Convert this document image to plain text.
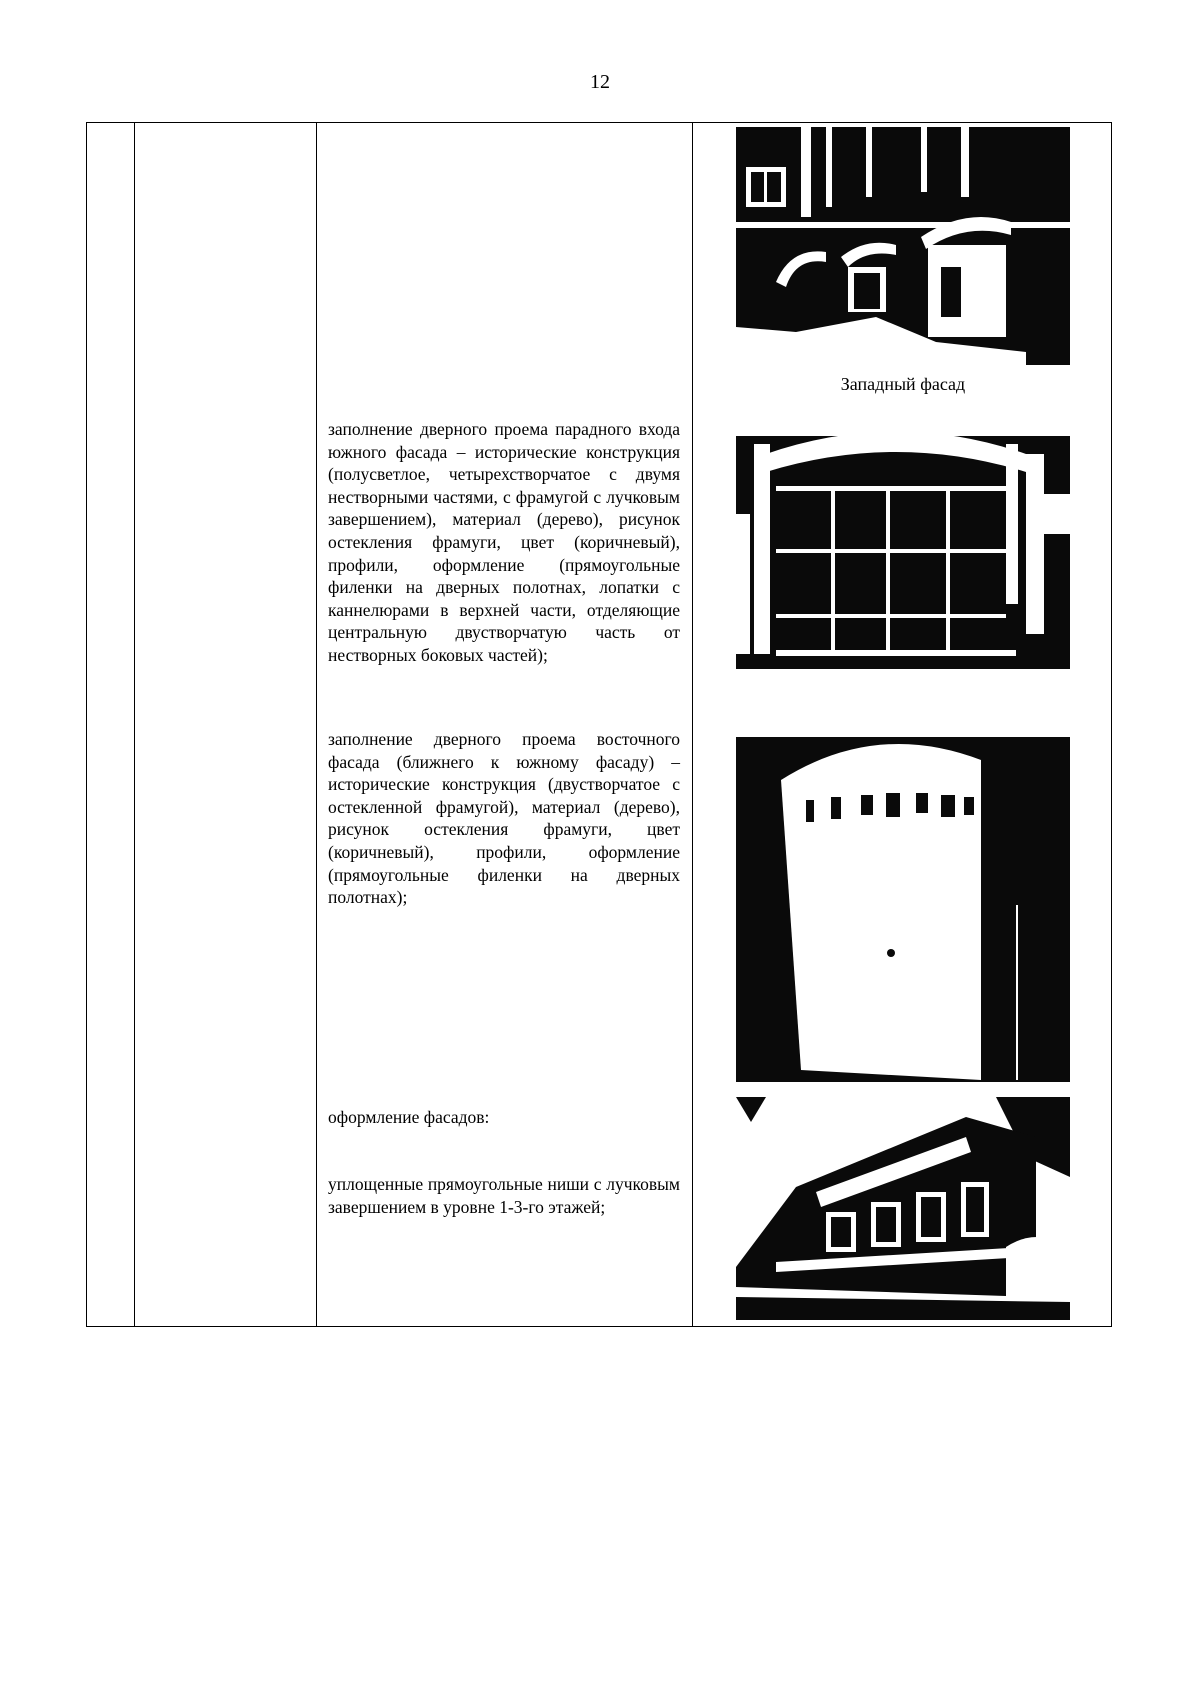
12
Западный фасад
заполнение дверного проема парадного входа южного фасада – исторические конструкция (полусветлое, четырехстворчатое с двумя нестворными частями, с фрамугой с лучковым завершением), материал (дерево), рисунок остекления фрамуги, цвет (коричневый), профили, оформление (прямоугольные филенки на дверных полотнах, лопатки с каннелюрами в верхней части, отделяющие центральную двустворчатую часть от нестворных боковых частей);
заполнение дверного проема восточного фасада (ближнего к южному фасаду) – исторические конструкция (двустворчатое с остекленной фрамугой), материал (дерево), рисунок остекления фрамуги, цвет (коричневый), профили, оформление (прямоугольные филенки на дверных полотнах);
оформление фасадов:
уплощенные прямоугольные ниши с лучковым завершением в уровне 1-3-го этажей;
